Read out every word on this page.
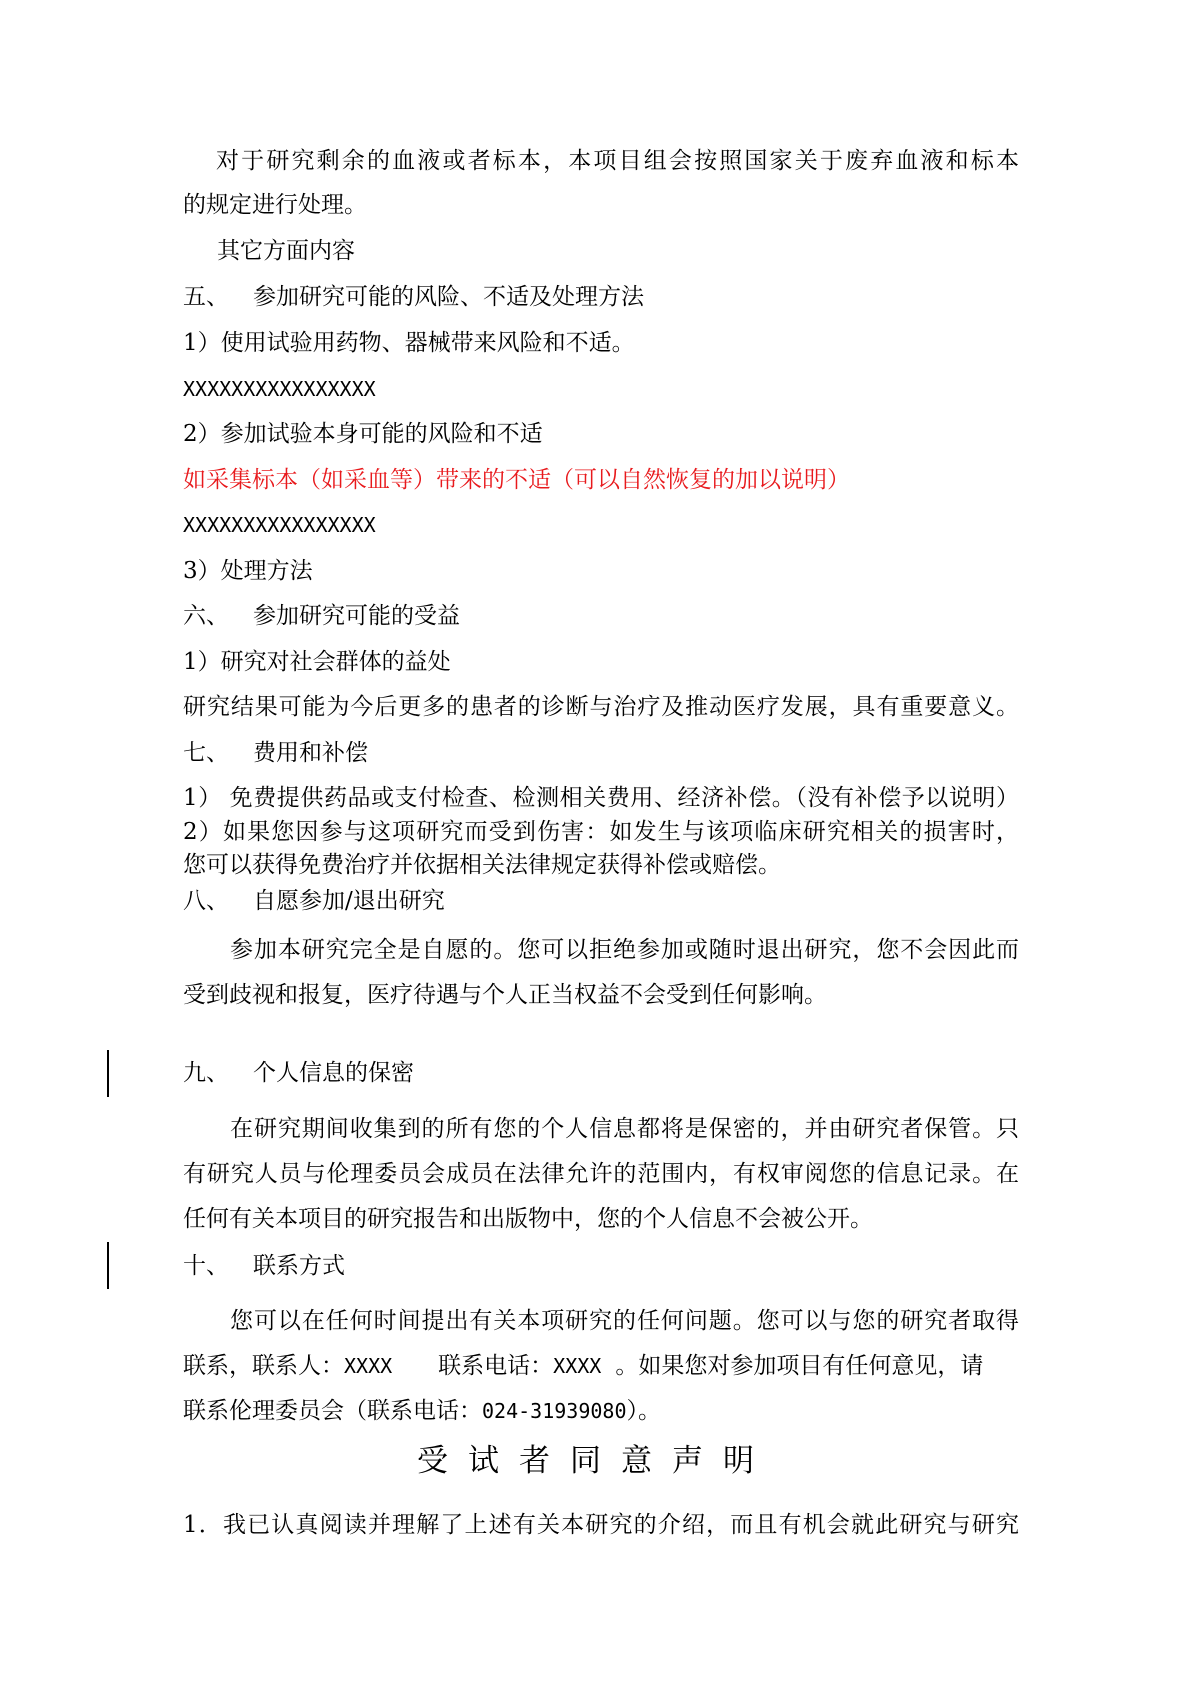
对于研究剩余的血液或者标本，本项目组会按照国家关于废弃血液和标本
的规定进行处理。
其它方面内容
五、 参加研究可能的风险、不适及处理方法
1）使用试验用药物、器械带来风险和不适。
XXXXXXXXXXXXXXXX
2）参加试验本身可能的风险和不适
如采集标本（如采血等）带来的不适（可以自然恢复的加以说明）
XXXXXXXXXXXXXXXX
3）处理方法
六、 参加研究可能的受益
1）研究对社会群体的益处
研究结果可能为今后更多的患者的诊断与治疗及推动医疗发展，具有重要意义。
七、 费用和补偿
1） 免费提供药品或支付检查、检测相关费用、经济补偿。（没有补偿予以说明）
2）如果您因参与这项研究而受到伤害：如发生与该项临床研究相关的损害时，
您可以获得免费治疗并依据相关法律规定获得补偿或赔偿。
八、 自愿参加/退出研究
参加本研究完全是自愿的。您可以拒绝参加或随时退出研究，您不会因此而
受到歧视和报复，医疗待遇与个人正当权益不会受到任何影响。
九、 个人信息的保密
在研究期间收集到的所有您的个人信息都将是保密的，并由研究者保管。只
有研究人员与伦理委员会成员在法律允许的范围内，有权审阅您的信息记录。在
任何有关本项目的研究报告和出版物中，您的个人信息不会被公开。
十、 联系方式
您可以在任何时间提出有关本项研究的任何问题。您可以与您的研究者取得
联系，联系人：XXXX 联系电话：XXXX 。如果您对参加项目有任何意见，请
联系伦理委员会（联系电话：024-31939080）。
受试者同意声明
1．我已认真阅读并理解了上述有关本研究的介绍，而且有机会就此研究与研究
